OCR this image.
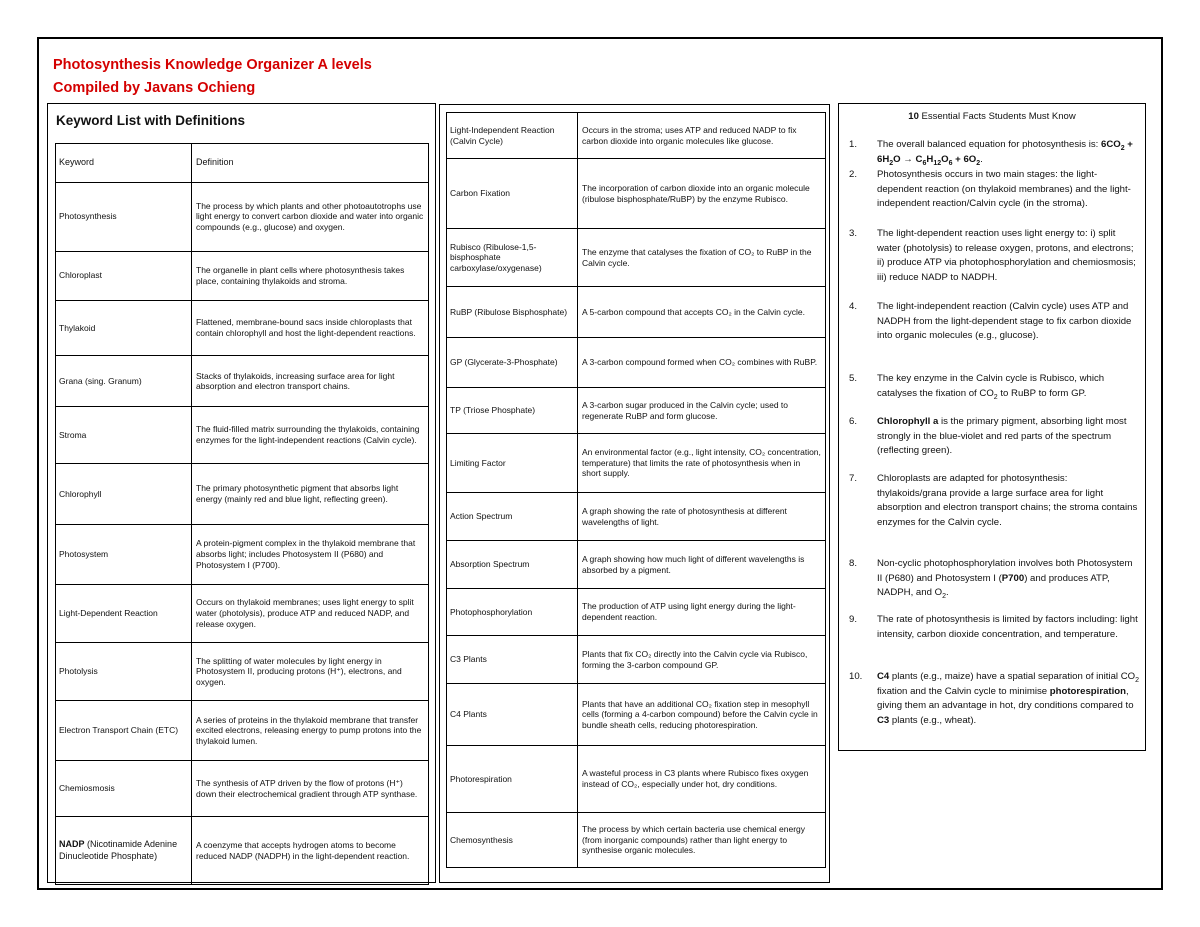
Photosynthesis Knowledge Organizer A levels
Compiled by Javans Ochieng
Keyword List with Definitions
Keyword	Definition
Photosynthesis	The process by which plants and other photoautotrophs use light energy to convert carbon dioxide and water into organic compounds (e.g., glucose) and oxygen.
Chloroplast	The organelle in plant cells where photosynthesis takes place, containing thylakoids and stroma.
Thylakoid	Flattened, membrane-bound sacs inside chloroplasts that contain chlorophyll and host the light-dependent reactions.
Grana (sing. Granum)	Stacks of thylakoids, increasing surface area for light absorption and electron transport chains.
Stroma	The fluid-filled matrix surrounding the thylakoids, containing enzymes for the light-independent reactions (Calvin cycle).
Chlorophyll	The primary photosynthetic pigment that absorbs light energy (mainly red and blue light, reflecting green).
Photosystem	A protein-pigment complex in the thylakoid membrane that absorbs light; includes Photosystem II (P680) and Photosystem I (P700).
Light-Dependent Reaction	Occurs on thylakoid membranes; uses light energy to split water (photolysis), produce ATP and reduced NADP, and release oxygen.
Photolysis	The splitting of water molecules by light energy in Photosystem II, producing protons (H⁺), electrons, and oxygen.
Electron Transport Chain (ETC)	A series of proteins in the thylakoid membrane that transfer excited electrons, releasing energy to pump protons into the thylakoid lumen.
Chemiosmosis	The synthesis of ATP driven by the flow of protons (H⁺) down their electrochemical gradient through ATP synthase.
NADP (Nicotinamide Adenine Dinucleotide Phosphate)	A coenzyme that accepts hydrogen atoms to become reduced NADP (NADPH) in the light-dependent reaction.
Light-Independent Reaction (Calvin Cycle)	Occurs in the stroma; uses ATP and reduced NADP to fix carbon dioxide into organic molecules like glucose.
Carbon Fixation	The incorporation of carbon dioxide into an organic molecule (ribulose bisphosphate/RuBP) by the enzyme Rubisco.
Rubisco (Ribulose-1,5-bisphosphate carboxylase/oxygenase)	The enzyme that catalyses the fixation of CO₂ to RuBP in the Calvin cycle.
RuBP (Ribulose Bisphosphate)	A 5-carbon compound that accepts CO₂ in the Calvin cycle.
GP (Glycerate-3-Phosphate)	A 3-carbon compound formed when CO₂ combines with RuBP.
TP (Triose Phosphate)	A 3-carbon sugar produced in the Calvin cycle; used to regenerate RuBP and form glucose.
Limiting Factor	An environmental factor (e.g., light intensity, CO₂ concentration, temperature) that limits the rate of photosynthesis when in short supply.
Action Spectrum	A graph showing the rate of photosynthesis at different wavelengths of light.
Absorption Spectrum	A graph showing how much light of different wavelengths is absorbed by a pigment.
Photophosphorylation	The production of ATP using light energy during the light-dependent reaction.
C3 Plants	Plants that fix CO₂ directly into the Calvin cycle via Rubisco, forming the 3-carbon compound GP.
C4 Plants	Plants that have an additional CO₂ fixation step in mesophyll cells (forming a 4-carbon compound) before the Calvin cycle in bundle sheath cells, reducing photorespiration.
Photorespiration	A wasteful process in C3 plants where Rubisco fixes oxygen instead of CO₂, especially under hot, dry conditions.
Chemosynthesis	The process by which certain bacteria use chemical energy (from inorganic compounds) rather than light energy to synthesise organic molecules.
10 Essential Facts Students Must Know
1. The overall balanced equation for photosynthesis is: $6CO_2 + 6H_2O \to C_6H_{12}O_6 + 6O_2$.
2. Photosynthesis occurs in two main stages: the light-dependent reaction (on thylakoid membranes) and the light-independent reaction/Calvin cycle (in the stroma).
3. The light-dependent reaction uses light energy to: i) split water (photolysis) to release oxygen, protons, and electrons; ii) produce ATP via photophosphorylation and chemiosmosis; iii) reduce NADP to NADPH.
4. The light-independent reaction (Calvin cycle) uses ATP and NADPH from the light-dependent stage to fix carbon dioxide into organic molecules (e.g., glucose).
5. The key enzyme in the Calvin cycle is Rubisco, which catalyses the fixation of $CO_2$ to RuBP to form GP.
6. Chlorophyll a is the primary pigment, absorbing light most strongly in the blue-violet and red parts of the spectrum (reflecting green).
7. Chloroplasts are adapted for photosynthesis: thylakoids/grana provide a large surface area for light absorption and electron transport chains; the stroma contains enzymes for the Calvin cycle.
8. Non-cyclic photophosphorylation involves both Photosystem II (P680) and Photosystem I (P700) and produces ATP, NADPH, and $O_2$.
9. The rate of photosynthesis is limited by factors including: light intensity, carbon dioxide concentration, and temperature.
10. C4 plants (e.g., maize) have a spatial separation of initial $CO_2$ fixation and the Calvin cycle to minimise photorespiration, giving them an advantage in hot, dry conditions compared to C3 plants (e.g., wheat).
